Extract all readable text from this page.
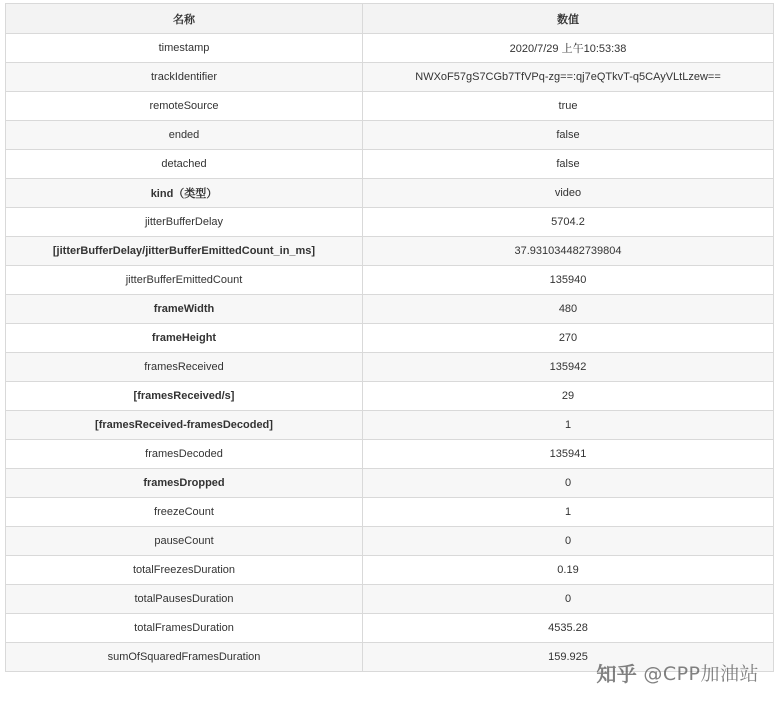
名称	数值
timestamp	2020/7/29 上午10:53:38
trackIdentifier	NWXoF57gS7CGb7TfVPq-zg==:qj7eQTkvT-q5CAyVLtLzew==
remoteSource	true
ended	false
detached	false
kind（类型）	video
jitterBufferDelay	5704.2
[jitterBufferDelay/jitterBufferEmittedCount_in_ms]	37.931034482739804
jitterBufferEmittedCount	135940
frameWidth	480
frameHeight	270
framesReceived	135942
[framesReceived/s]	29
[framesReceived-framesDecoded]	1
framesDecoded	135941
framesDropped	0
freezeCount	1
pauseCount	0
totalFreezesDuration	0.19
totalPausesDuration	0
totalFramesDuration	4535.28
sumOfSquaredFramesDuration	159.925
知乎 @CPP加油站
